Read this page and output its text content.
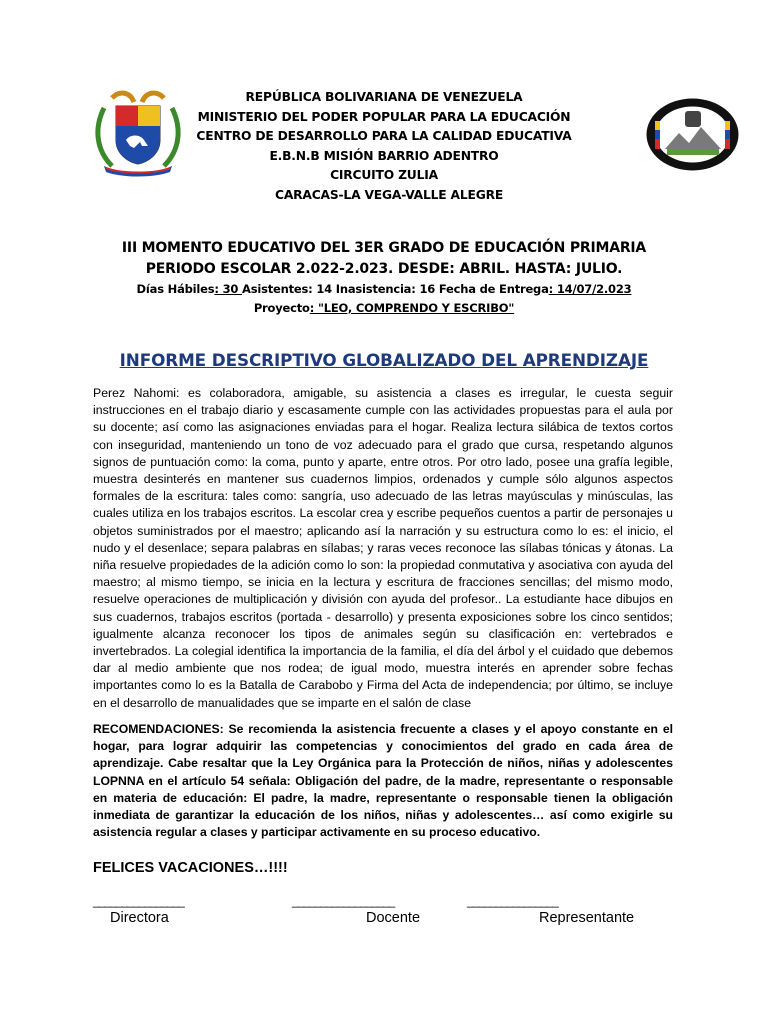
REPÚBLICA BOLIVARIANA DE VENEZUELA
MINISTERIO DEL PODER POPULAR PARA LA EDUCACIÓN
CENTRO DE DESARROLLO PARA LA CALIDAD EDUCATIVA
E.B.N.B MISIÓN BARRIO ADENTRO
CIRCUITO ZULIA
CARACAS-LA VEGA-VALLE ALEGRE
III MOMENTO EDUCATIVO DEL 3ER GRADO DE EDUCACIÓN PRIMARIA
PERIODO ESCOLAR 2.022-2.023. DESDE: ABRIL. HASTA: JULIO.
Días Hábiles: 30 Asistentes: 14 Inasistencia: 16 Fecha de Entrega: 14/07/2.023
Proyecto: "LEO, COMPRENDO Y ESCRIBO"
INFORME DESCRIPTIVO GLOBALIZADO DEL APRENDIZAJE
Perez Nahomi: es colaboradora, amigable, su asistencia a clases es irregular, le cuesta seguir instrucciones en el trabajo diario y escasamente cumple con las actividades propuestas para el aula por su docente; así como las asignaciones enviadas para el hogar. Realiza lectura silábica de textos cortos con inseguridad, manteniendo un tono de voz adecuado para el grado que cursa, respetando algunos signos de puntuación como: la coma, punto y aparte, entre otros. Por otro lado, posee una grafía legible, muestra desinterés en mantener sus cuadernos limpios, ordenados y cumple sólo algunos aspectos formales de la escritura: tales como: sangría, uso adecuado de las letras mayúsculas y minúsculas, las cuales utiliza en los trabajos escritos. La escolar crea y escribe pequeños cuentos a partir de personajes u objetos suministrados por el maestro; aplicando así la narración y su estructura como lo es: el inicio, el nudo y el desenlace; separa palabras en sílabas; y raras veces reconoce las sílabas tónicas y átonas. La niña resuelve propiedades de la adición como lo son: la propiedad conmutativa y asociativa con ayuda del maestro; al mismo tiempo, se inicia en la lectura y escritura de fracciones sencillas; del mismo modo, resuelve operaciones de multiplicación y división con ayuda del profesor.. La estudiante hace dibujos en sus cuadernos, trabajos escritos (portada - desarrollo) y presenta exposiciones sobre los cinco sentidos; igualmente alcanza reconocer los tipos de animales según su clasificación en: vertebrados e invertebrados. La colegial identifica la importancia de la familia, el día del árbol y el cuidado que debemos dar al medio ambiente que nos rodea; de igual modo, muestra interés en aprender sobre fechas importantes como lo es la Batalla de Carabobo y Firma del Acta de independencia; por último, se incluye en el desarrollo de manualidades que se imparte en el salón de clase
RECOMENDACIONES: Se recomienda la asistencia frecuente a clases y el apoyo constante en el hogar, para lograr adquirir las competencias y conocimientos del grado en cada área de aprendizaje. Cabe resaltar que la Ley Orgánica para la Protección de niños, niñas y adolescentes LOPNNA en el artículo 54 señala: Obligación del padre, de la madre, representante o responsable en materia de educación: El padre, la madre, representante o responsable tienen la obligación inmediata de garantizar la educación de los niños, niñas y adolescentes… así como exigirle su asistencia regular a clases y participar activamente en su proceso educativo.
FELICES VACACIONES…!!!!
________________	__________________	________________
Directora	Docente	Representante
